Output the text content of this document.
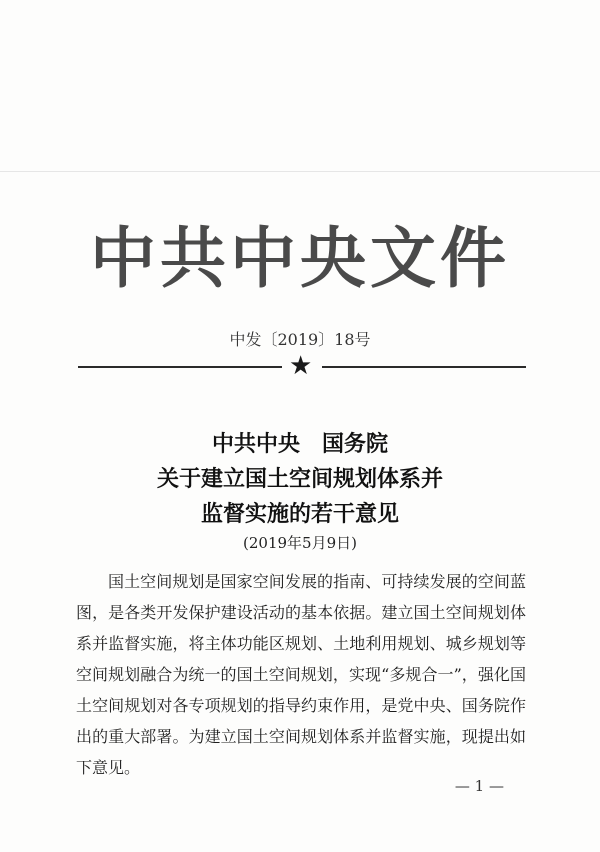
中共中央文件
中发〔2019〕18号
★
中共中央　国务院
关于建立国土空间规划体系并
监督实施的若干意见
(2019年5月9日)

国土空间规划是国家空间发展的指南、可持续发展的空间蓝图，是各类开发保护建设活动的基本依据。建立国土空间规划体系并监督实施，将主体功能区规划、土地利用规划、城乡规划等空间规划融合为统一的国土空间规划，实现“多规合一”，强化国土空间规划对各专项规划的指导约束作用，是党中央、国务院作出的重大部署。为建立国土空间规划体系并监督实施，现提出如下意见。

— 1 —
